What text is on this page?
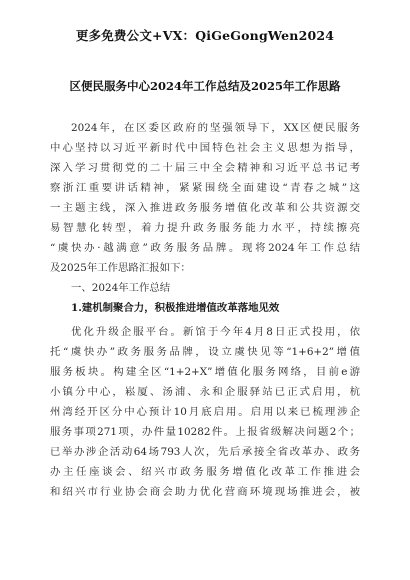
更多免费公文+VX：QiGeGongWen2024
区便民服务中心2024年工作总结及2025年工作思路
2024年，在区委区政府的坚强领导下，XX区便民服务
中心坚持以习近平新时代中国特色社会主义思想为指导，
深入学习贯彻党的二十届三中全会精神和习近平总书记考
察浙江重要讲话精神，紧紧围绕全面建设“青春之城”这
一主题主线，深入推进政务服务增值化改革和公共资源交
易智慧化转型，着力提升政务服务能力水平，持续擦亮
“虞快办·越满意”政务服务品牌。现将2024年工作总结
及2025年工作思路汇报如下：
一、2024年工作总结
1.建机制聚合力，积极推进增值改革落地见效
优化升级企服平台。新馆于今年4月8日正式投用，依
托“虞快办”政务服务品牌，设立虞快见等“1+6+2”增值
服务板块。构建全区“1+2+X”增值化服务网络，目前e游
小镇分中心，崧厦、汤浦、永和企服驿站已正式启用，杭
州湾经开区分中心预计10月底启用。启用以来已梳理涉企
服务事项271项，办件量10282件。上报省级解决问题2个；
已举办涉企活动64场793人次，先后承接全省改革办、政务
办主任座谈会、绍兴市政务服务增值化改革工作推进会
和绍兴市行业协会商会助力优化营商环境现场推进会，被
